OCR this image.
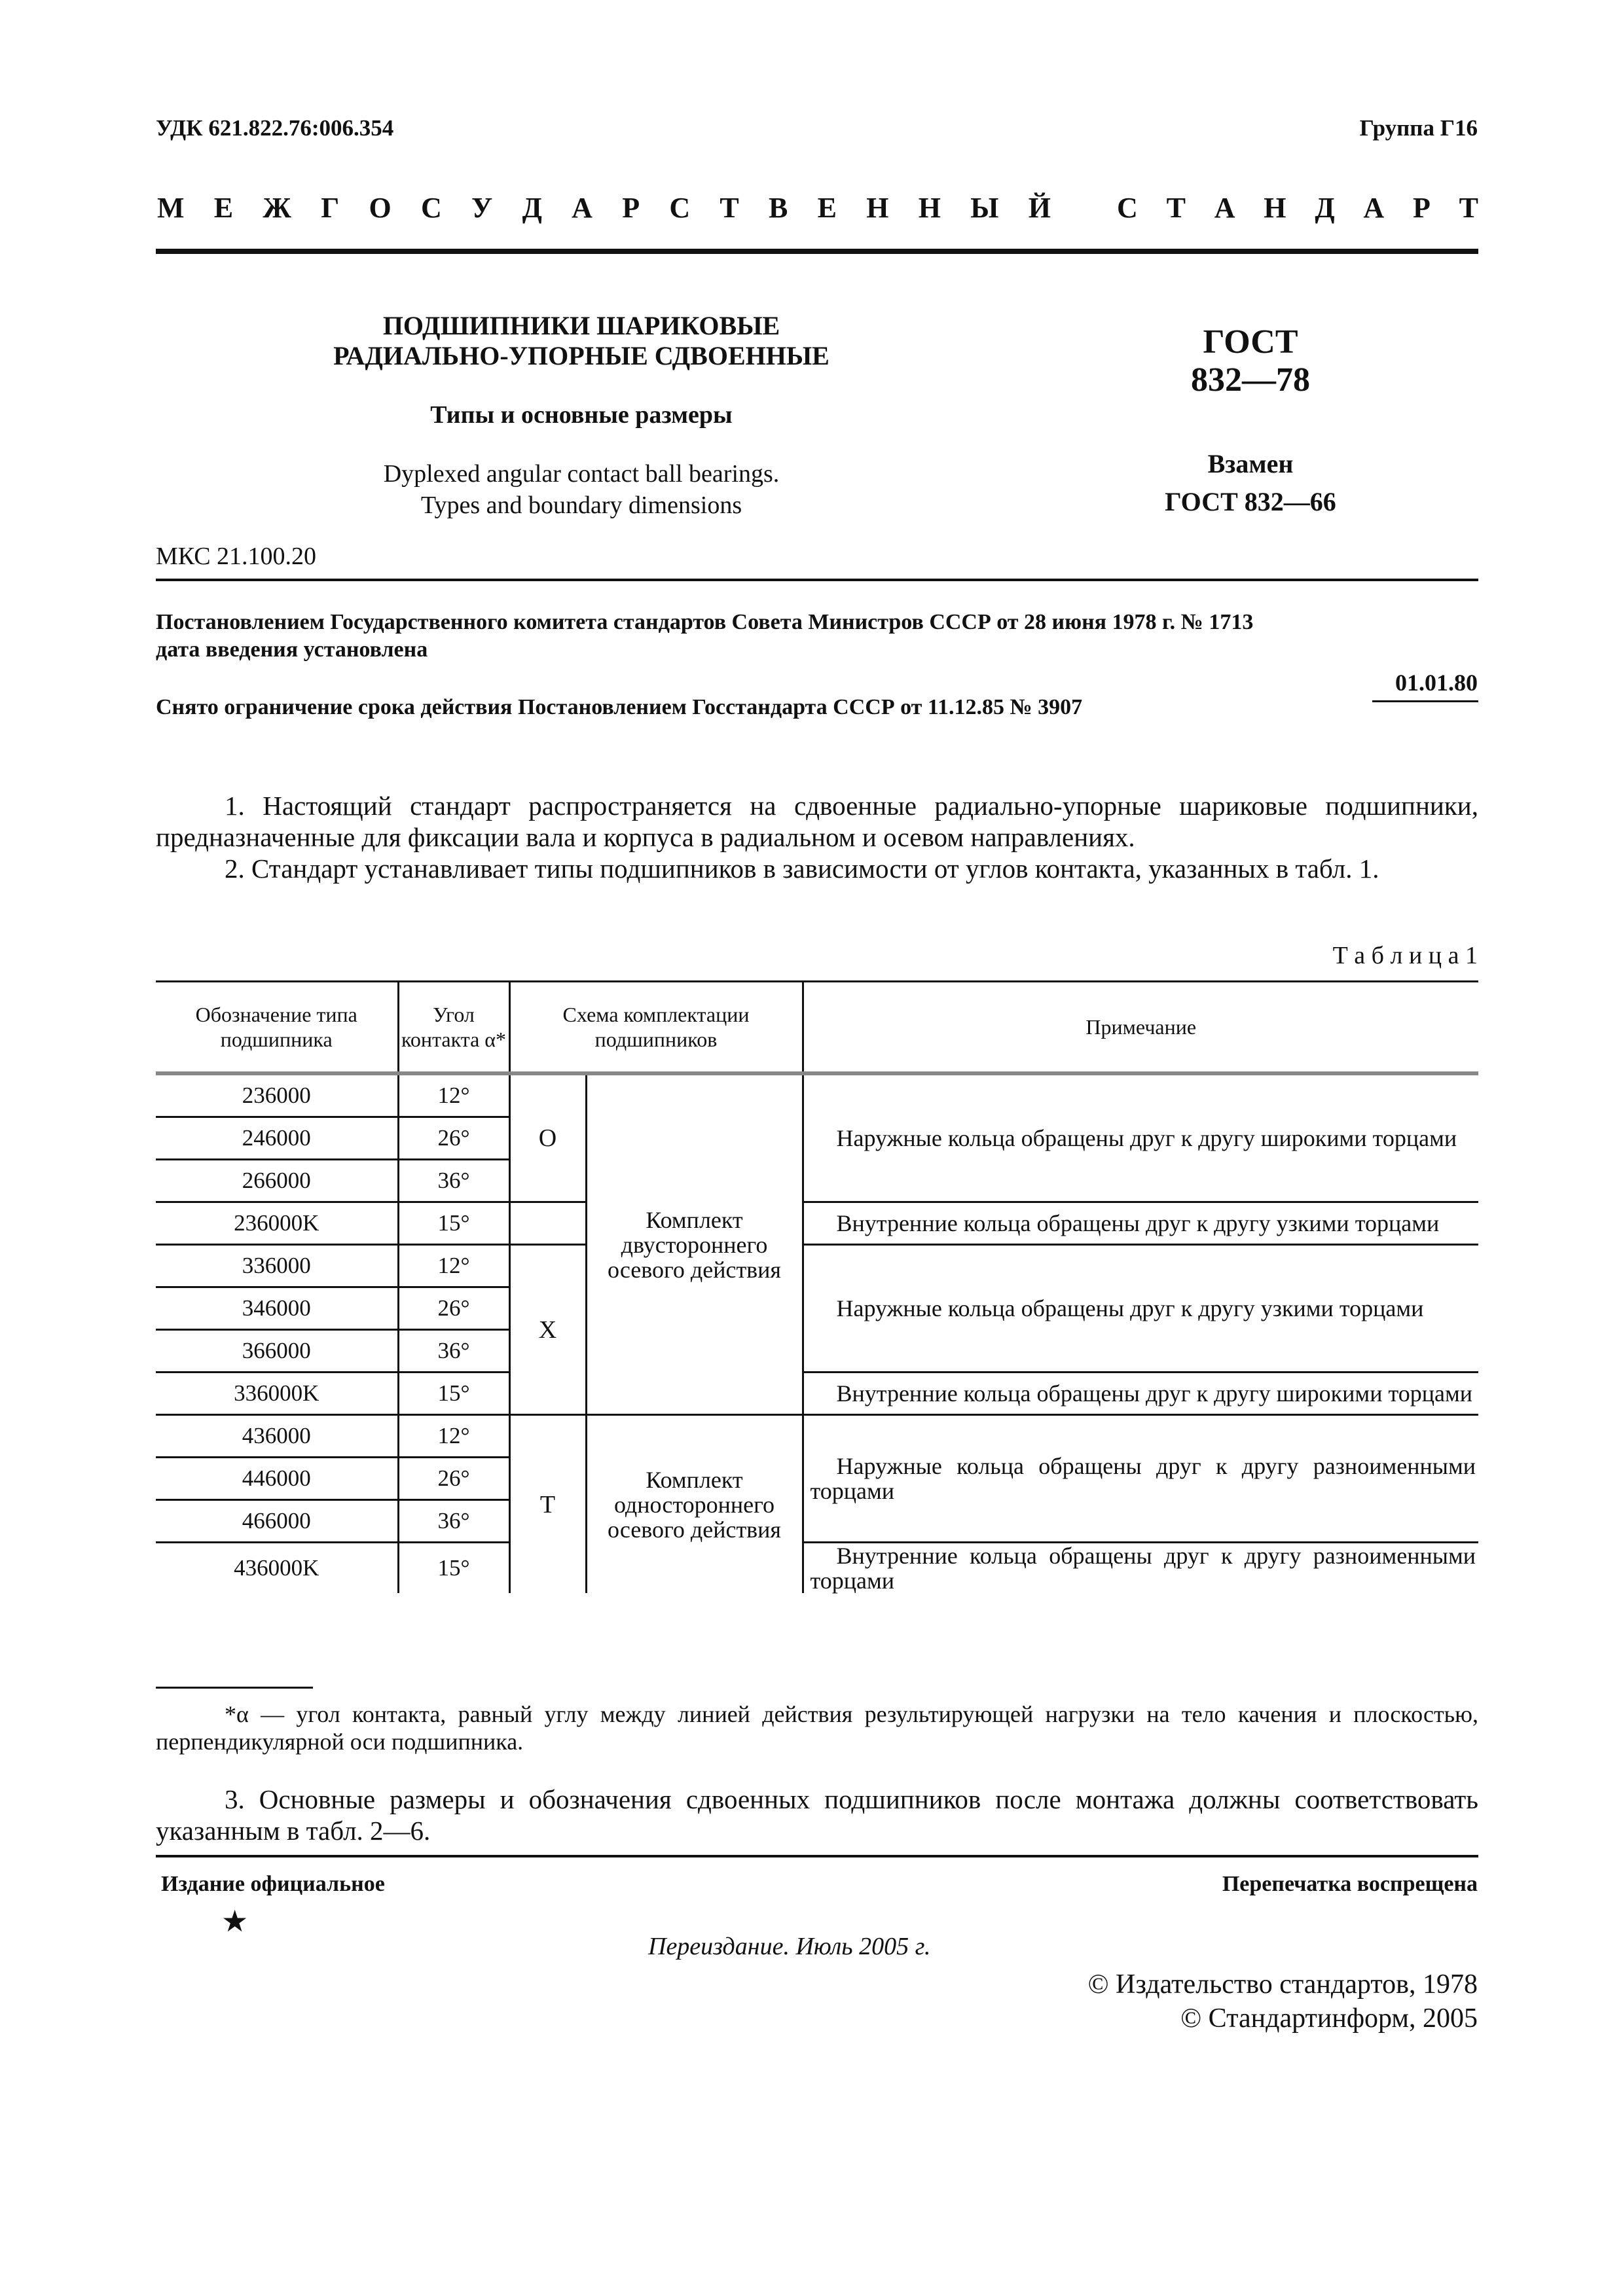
УДК 621.822.76:006.354	Группа Г16
М Е Ж Г О С У Д А Р С Т В Е Н Н Ы Й С Т А Н Д А Р Т
ПОДШИПНИКИ ШАРИКОВЫЕ
РАДИАЛЬНО-УПОРНЫЕ СДВОЕННЫЕ
Типы и основные размеры
Dyplexed angular contact ball bearings.
Types and boundary dimensions
МКС 21.100.20
ГОСТ
832—78
Взамен
ГОСТ 832—66
Постановлением Государственного комитета стандартов Совета Министров СССР от 28 июня 1978 г. № 1713
дата введения установлена
01.01.80
Снято ограничение срока действия Постановлением Госстандарта СССР от 11.12.85 № 3907
1. Настоящий стандарт распространяется на сдвоенные радиально-упорные шариковые подшипники, предназначенные для фиксации вала и корпуса в радиальном и осевом направлениях.
2. Стандарт устанавливает типы подшипников в зависимости от углов контакта, указанных в табл. 1.
Т а б л и ц а 1
Обозначение типа подшипника	Угол контакта α*	Схема комплектации подшипников		Примечание
236000	12°	O	Комплект двустороннего осевого действия	Наружные кольца обращены друг к другу широкими торцами

246000	26°			
266000	36°			
236000K	15°			Внутренние кольца обращены друг к другу узкими торцами

336000	12°	X		Наружные кольца обращены друг к другу узкими торцами

346000	26°			
366000	36°			
336000K	15°			Внутренние кольца обращены друг к другу широкими торцами

436000	12°	T	Комплект одностороннего осевого действия	Наружные кольца обращены друг к другу разноименными торцами

446000	26°			
466000	36°			
436000K	15°			Внутренние кольца обращены друг к другу разноименными торцами
*α — угол контакта, равный углу между линией действия результирующей нагрузки на тело качения и плоскостью, перпендикулярной оси подшипника.
3. Основные размеры и обозначения сдвоенных подшипников после монтажа должны соответствовать указанным в табл. 2—6.
Издание официальное	Перепечатка воспрещена
★
Переиздание. Июль 2005 г.
© Издательство стандартов, 1978
© Стандартинформ, 2005
